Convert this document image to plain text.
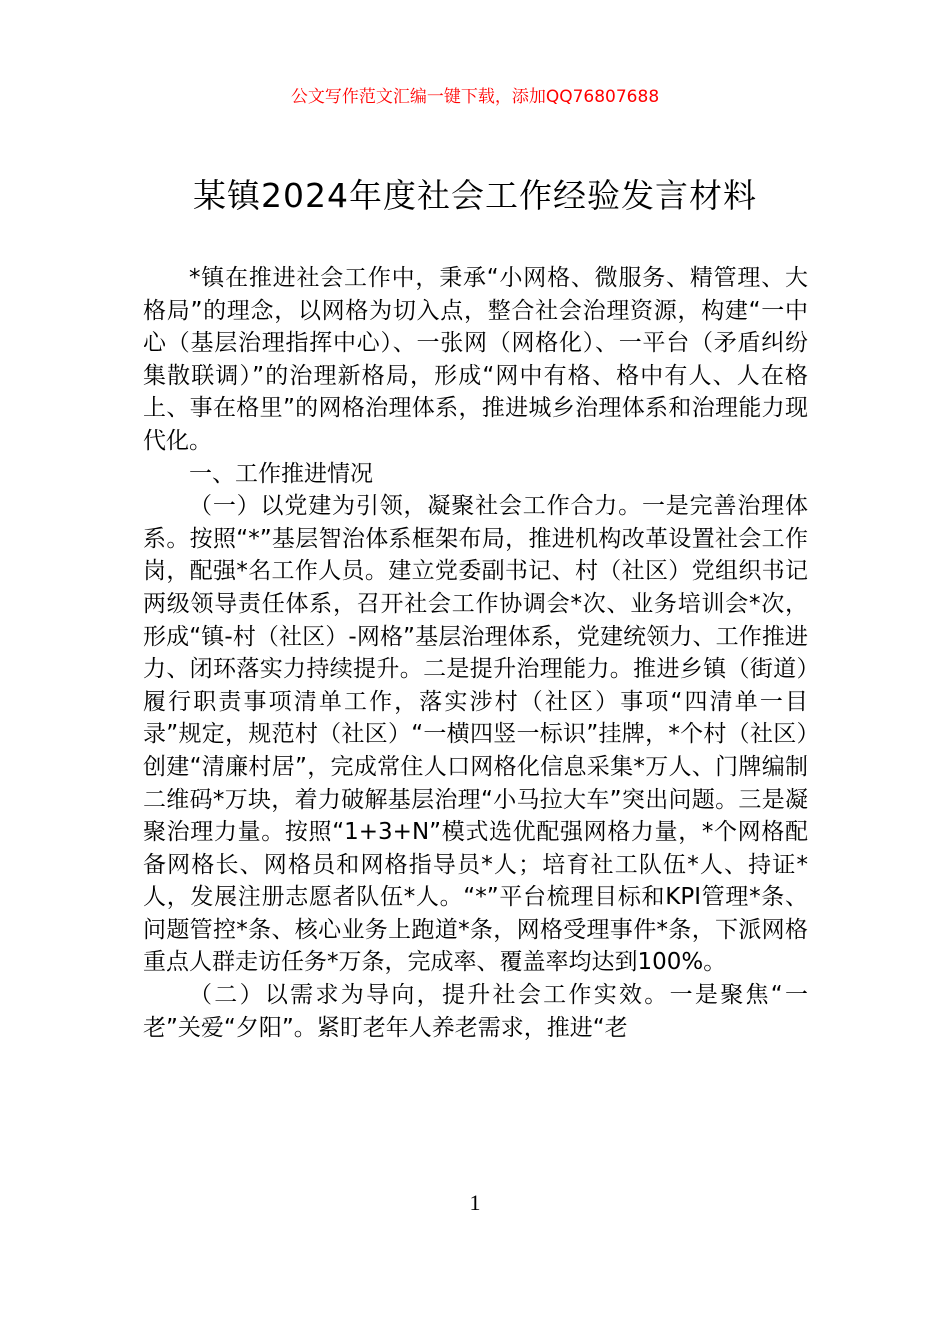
公文写作范文汇编一键下载，添加QQ76807688
某镇2024年度社会工作经验发言材料

*镇在推进社会工作中，秉承“小网格、微服务、精管理、大格局”的理念，以网格为切入点，整合社会治理资源，构建“一中心（基层治理指挥中心）、一张网（网格化）、一平台（矛盾纠纷集散联调）”的治理新格局，形成“网中有格、格中有人、人在格上、事在格里”的网格治理体系，推进城乡治理体系和治理能力现代化。

一、工作推进情况

（一）以党建为引领，凝聚社会工作合力。一是完善治理体系。按照“*”基层智治体系框架布局，推进机构改革设置社会工作岗，配强*名工作人员。建立党委副书记、村（社区）党组织书记两级领导责任体系，召开社会工作协调会*次、业务培训会*次，形成“镇-村（社区）-网格”基层治理体系，党建统领力、工作推进力、闭环落实力持续提升。二是提升治理能力。推进乡镇（街道）履行职责事项清单工作，落实涉村（社区）事项“四清单一目录”规定，规范村（社区）“一横四竖一标识”挂牌，*个村（社区）创建“清廉村居”，完成常住人口网格化信息采集*万人、门牌编制二维码*万块，着力破解基层治理“小马拉大车”突出问题。三是凝聚治理力量。按照“1+3+N”模式选优配强网格力量，*个网格配备网格长、网格员和网格指导员*人；培育社工队伍*人、持证*人，发展注册志愿者队伍*人。“*”平台梳理目标和KPI管理*条、问题管控*条、核心业务上跑道*条，网格受理事件*条，下派网格重点人群走访任务*万条，完成率、覆盖率均达到100%。

（二）以需求为导向，提升社会工作实效。一是聚焦“一老”关爱“夕阳”。紧盯老年人养老需求，推进“老

1
